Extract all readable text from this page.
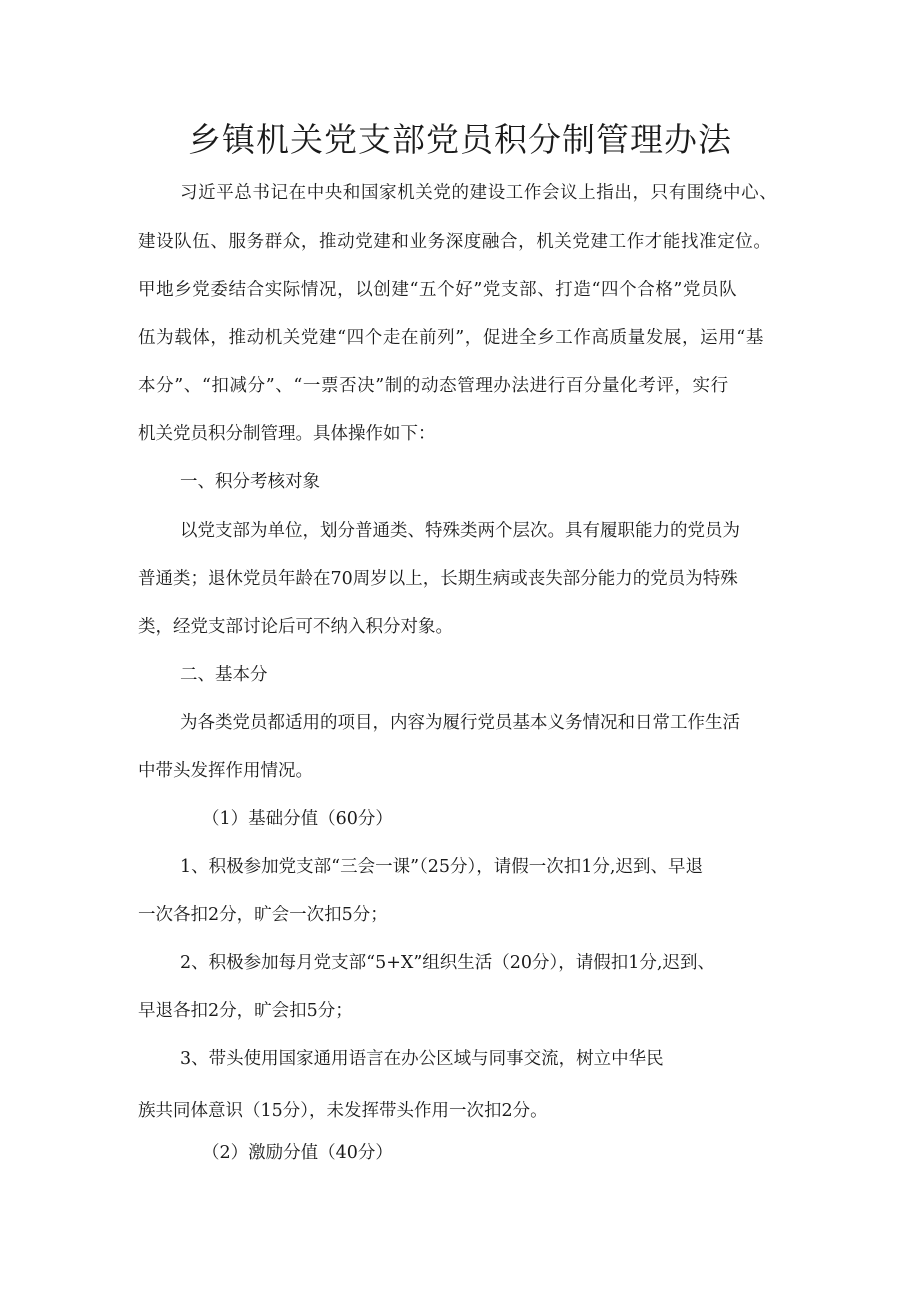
乡镇机关党支部党员积分制管理办法
习近平总书记在中央和国家机关党的建设工作会议上指出，只有围绕中心、
建设队伍、服务群众，推动党建和业务深度融合，机关党建工作才能找准定位。
甲地乡党委结合实际情况，以创建“五个好”党支部、打造“四个合格”党员队
伍为载体，推动机关党建“四个走在前列”，促进全乡工作高质量发展，运用“基
本分”、“扣减分”、“一票否决”制的动态管理办法进行百分量化考评，实行
机关党员积分制管理。具体操作如下：
一、积分考核对象
以党支部为单位，划分普通类、特殊类两个层次。具有履职能力的党员为
普通类；退休党员年龄在70周岁以上，长期生病或丧失部分能力的党员为特殊
类，经党支部讨论后可不纳入积分对象。
二、基本分
为各类党员都适用的项目，内容为履行党员基本义务情况和日常工作生活
中带头发挥作用情况。
（1）基础分值（60分）
1、积极参加党支部“三会一课”（25分），请假一次扣1分,迟到、早退
一次各扣2分，旷会一次扣5分；
2、积极参加每月党支部“5+X”组织生活（20分），请假扣1分,迟到、
早退各扣2分，旷会扣5分；
3、带头使用国家通用语言在办公区域与同事交流，树立中华民
族共同体意识（15分），未发挥带头作用一次扣2分。
（2）激励分值（40分）
